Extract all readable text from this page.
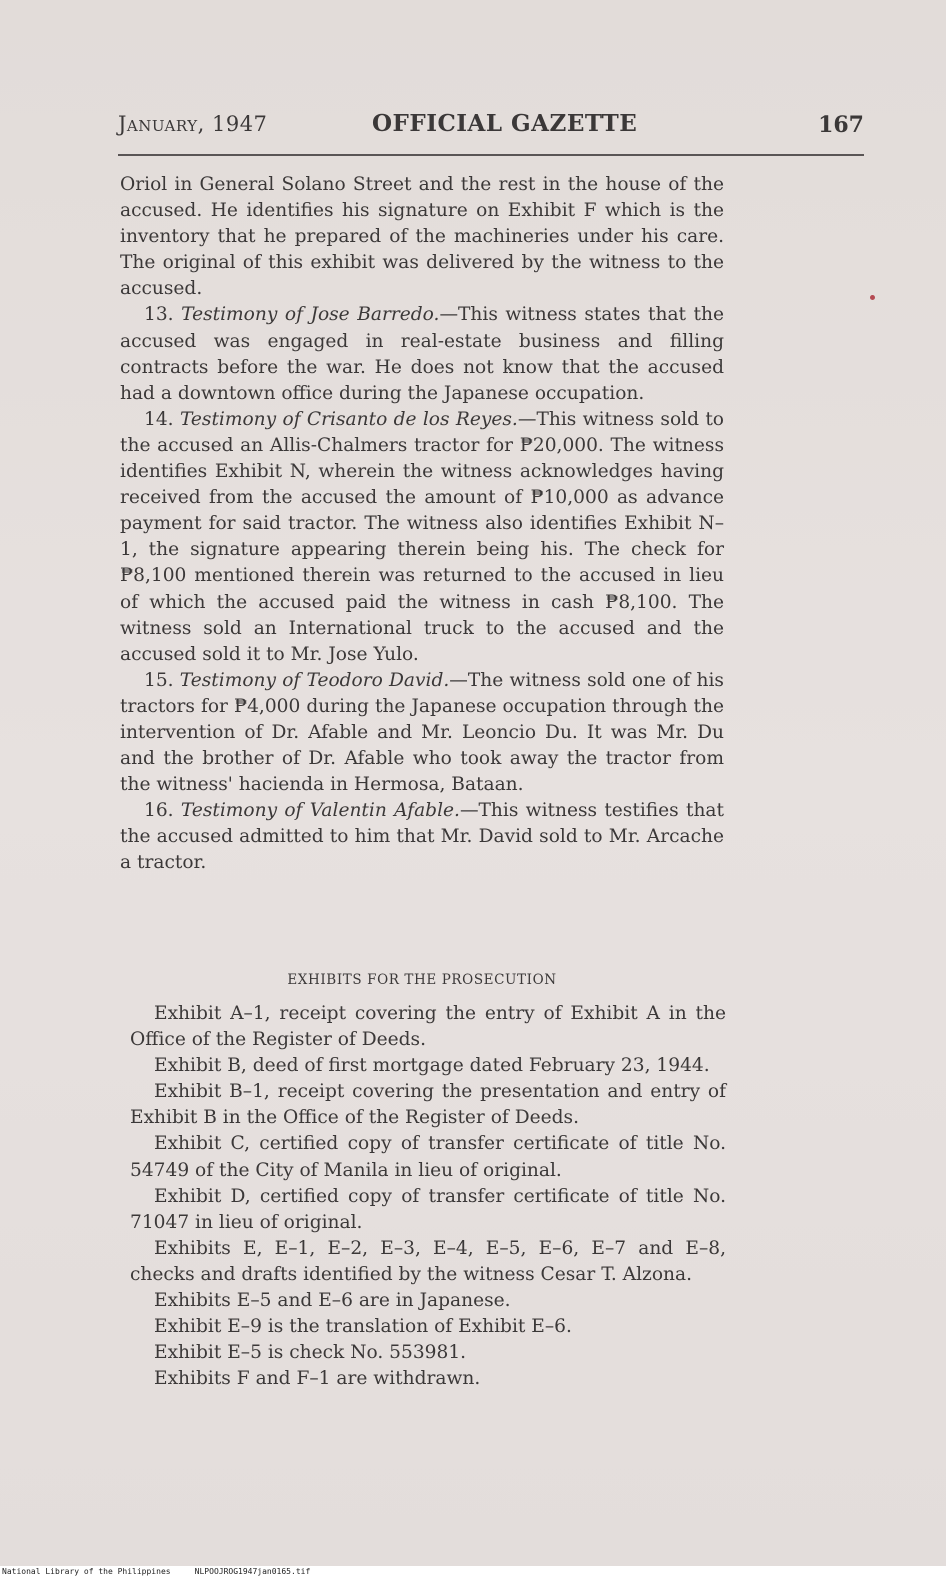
January, 1947	OFFICIAL GAZETTE	167

Oriol in General Solano Street and the rest in the house of the accused. He identifies his signature on Exhibit F which is the inventory that he prepared of the machineries under his care. The original of this exhibit was delivered by the witness to the accused.

13. Testimony of Jose Barredo.—This witness states that the accused was engaged in real-estate business and filling contracts before the war. He does not know that the accused had a downtown office during the Japanese occupation.

14. Testimony of Crisanto de los Reyes.—This witness sold to the accused an Allis-Chalmers tractor for ₱20,000. The witness identifies Exhibit N, wherein the witness acknowledges having received from the accused the amount of ₱10,000 as advance payment for said tractor. The witness also identifies Exhibit N–1, the signature appearing therein being his. The check for ₱8,100 mentioned therein was returned to the accused in lieu of which the accused paid the witness in cash ₱8,100. The witness sold an International truck to the accused and the accused sold it to Mr. Jose Yulo.

15. Testimony of Teodoro David.—The witness sold one of his tractors for ₱4,000 during the Japanese occupation through the intervention of Dr. Afable and Mr. Leoncio Du. It was Mr. Du and the brother of Dr. Afable who took away the tractor from the witness' hacienda in Hermosa, Bataan.

16. Testimony of Valentin Afable.—This witness testifies that the accused admitted to him that Mr. David sold to Mr. Arcache a tractor.

EXHIBITS FOR THE PROSECUTION

Exhibit A–1, receipt covering the entry of Exhibit A in the Office of the Register of Deeds.

Exhibit B, deed of first mortgage dated February 23, 1944.

Exhibit B–1, receipt covering the presentation and entry of Exhibit B in the Office of the Register of Deeds.

Exhibit C, certified copy of transfer certificate of title No. 54749 of the City of Manila in lieu of original.

Exhibit D, certified copy of transfer certificate of title No. 71047 in lieu of original.

Exhibits E, E–1, E–2, E–3, E–4, E–5, E–6, E–7 and E–8, checks and drafts identified by the witness Cesar T. Alzona.

Exhibits E–5 and E–6 are in Japanese.

Exhibit E–9 is the translation of Exhibit E–6.

Exhibit E–5 is check No. 553981.

Exhibits F and F–1 are withdrawn.

National Library of the Philippines	NLPOOJROG1947jan0165.tif
